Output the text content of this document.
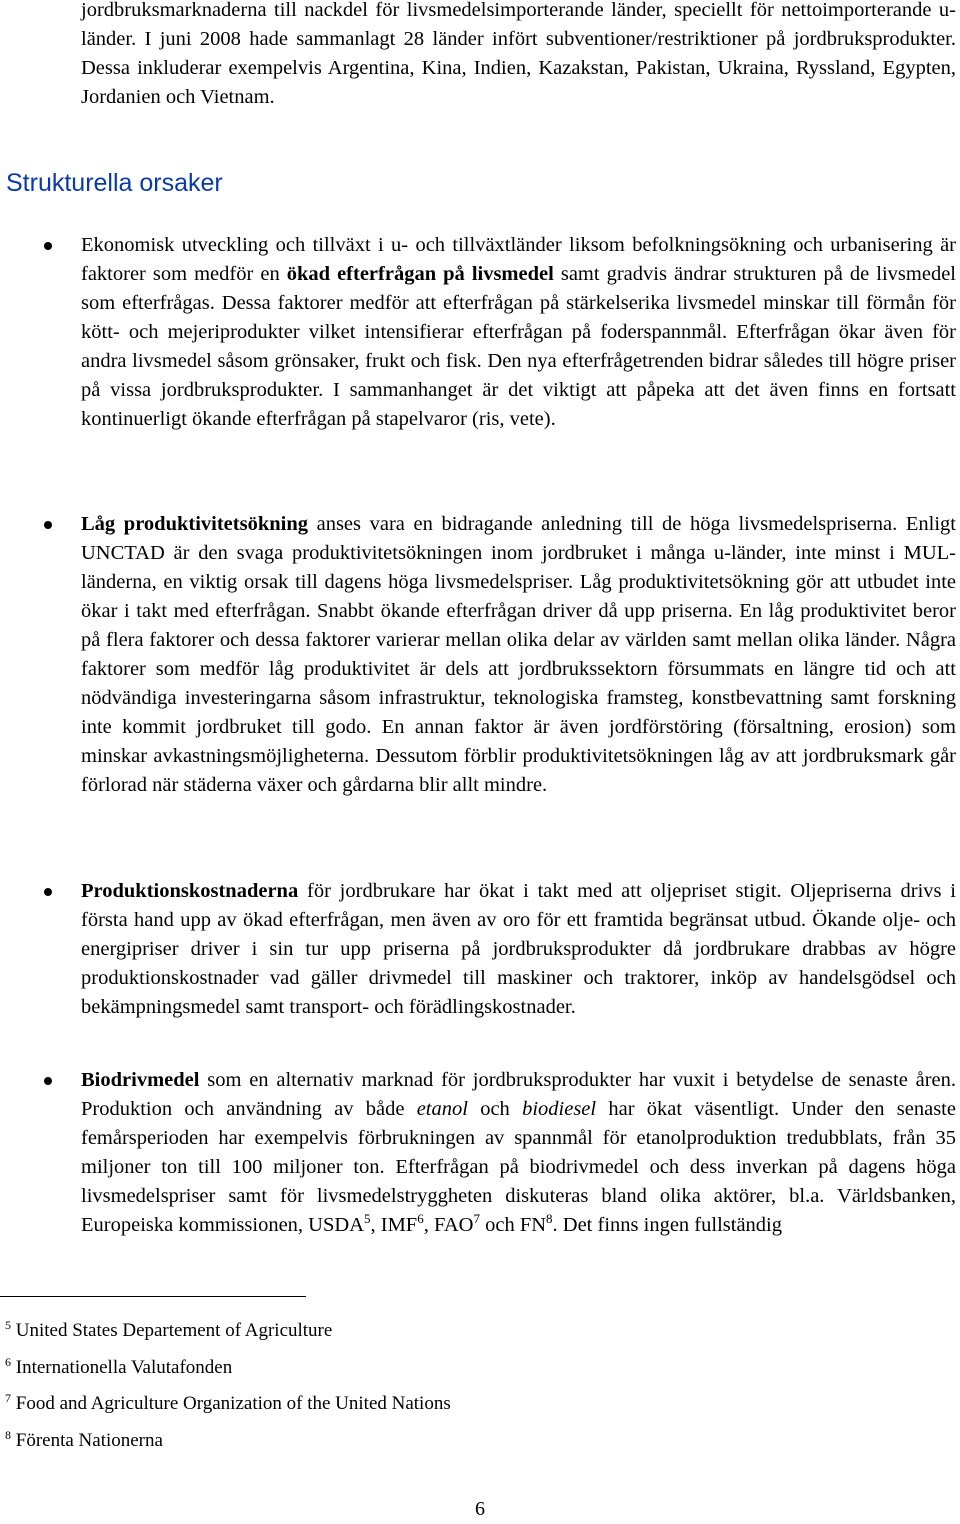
jordbruksmarknaderna till nackdel för livsmedelsimporterande länder, speciellt för nettoimporterande u-länder. I juni 2008 hade sammanlagt 28 länder infört subventioner/restriktioner på jordbruksprodukter. Dessa inkluderar exempelvis Argentina, Kina, Indien, Kazakstan, Pakistan, Ukraina, Ryssland, Egypten, Jordanien och Vietnam.

Strukturella orsaker

Ekonomisk utveckling och tillväxt i u- och tillväxtländer liksom befolkningsökning och urbanisering är faktorer som medför en ökad efterfrågan på livsmedel samt gradvis ändrar strukturen på de livsmedel som efterfrågas. Dessa faktorer medför att efterfrågan på stärkelserika livsmedel minskar till förmån för kött- och mejeriprodukter vilket intensifierar efterfrågan på foderspannmål. Efterfrågan ökar även för andra livsmedel såsom grönsaker, frukt och fisk. Den nya efterfrågetrenden bidrar således till högre priser på vissa jordbruksprodukter. I sammanhanget är det viktigt att påpeka att det även finns en fortsatt kontinuerligt ökande efterfrågan på stapelvaror (ris, vete).

Låg produktivitetsökning anses vara en bidragande anledning till de höga livsmedelspriserna. Enligt UNCTAD är den svaga produktivitetsökningen inom jordbruket i många u-länder, inte minst i MUL-länderna, en viktig orsak till dagens höga livsmedelspriser. Låg produktivitetsökning gör att utbudet inte ökar i takt med efterfrågan. Snabbt ökande efterfrågan driver då upp priserna. En låg produktivitet beror på flera faktorer och dessa faktorer varierar mellan olika delar av världen samt mellan olika länder. Några faktorer som medför låg produktivitet är dels att jordbrukssektorn försummats en längre tid och att nödvändiga investeringarna såsom infrastruktur, teknologiska framsteg, konstbevattning samt forskning inte kommit jordbruket till godo. En annan faktor är även jordförstöring (försaltning, erosion) som minskar avkastningsmöjligheterna. Dessutom förblir produktivitetsökningen låg av att jordbruksmark går förlorad när städerna växer och gårdarna blir allt mindre.

Produktionskostnaderna för jordbrukare har ökat i takt med att oljepriset stigit. Oljepriserna drivs i första hand upp av ökad efterfrågan, men även av oro för ett framtida begränsat utbud. Ökande olje- och energipriser driver i sin tur upp priserna på jordbruksprodukter då jordbrukare drabbas av högre produktionskostnader vad gäller drivmedel till maskiner och traktorer, inköp av handelsgödsel och bekämpningsmedel samt transport- och förädlingskostnader.

Biodrivmedel som en alternativ marknad för jordbruksprodukter har vuxit i betydelse de senaste åren. Produktion och användning av både etanol och biodiesel har ökat väsentligt. Under den senaste femårsperioden har exempelvis förbrukningen av spannmål för etanolproduktion tredubblats, från 35 miljoner ton till 100 miljoner ton. Efterfrågan på biodrivmedel och dess inverkan på dagens höga livsmedelspriser samt för livsmedelstryggheten diskuteras bland olika aktörer, bl.a. Världsbanken, Europeiska kommissionen, USDA$^5$, IMF$^6$, FAO$^7$ och $FN^8$. Det finns ingen fullständig

$^5$ United States Departement of Agriculture

$^6$ Internationella Valutafonden

$^7$ Food and Agriculture Organization of the United Nations

$^8$ Förenta Nationerna

6
